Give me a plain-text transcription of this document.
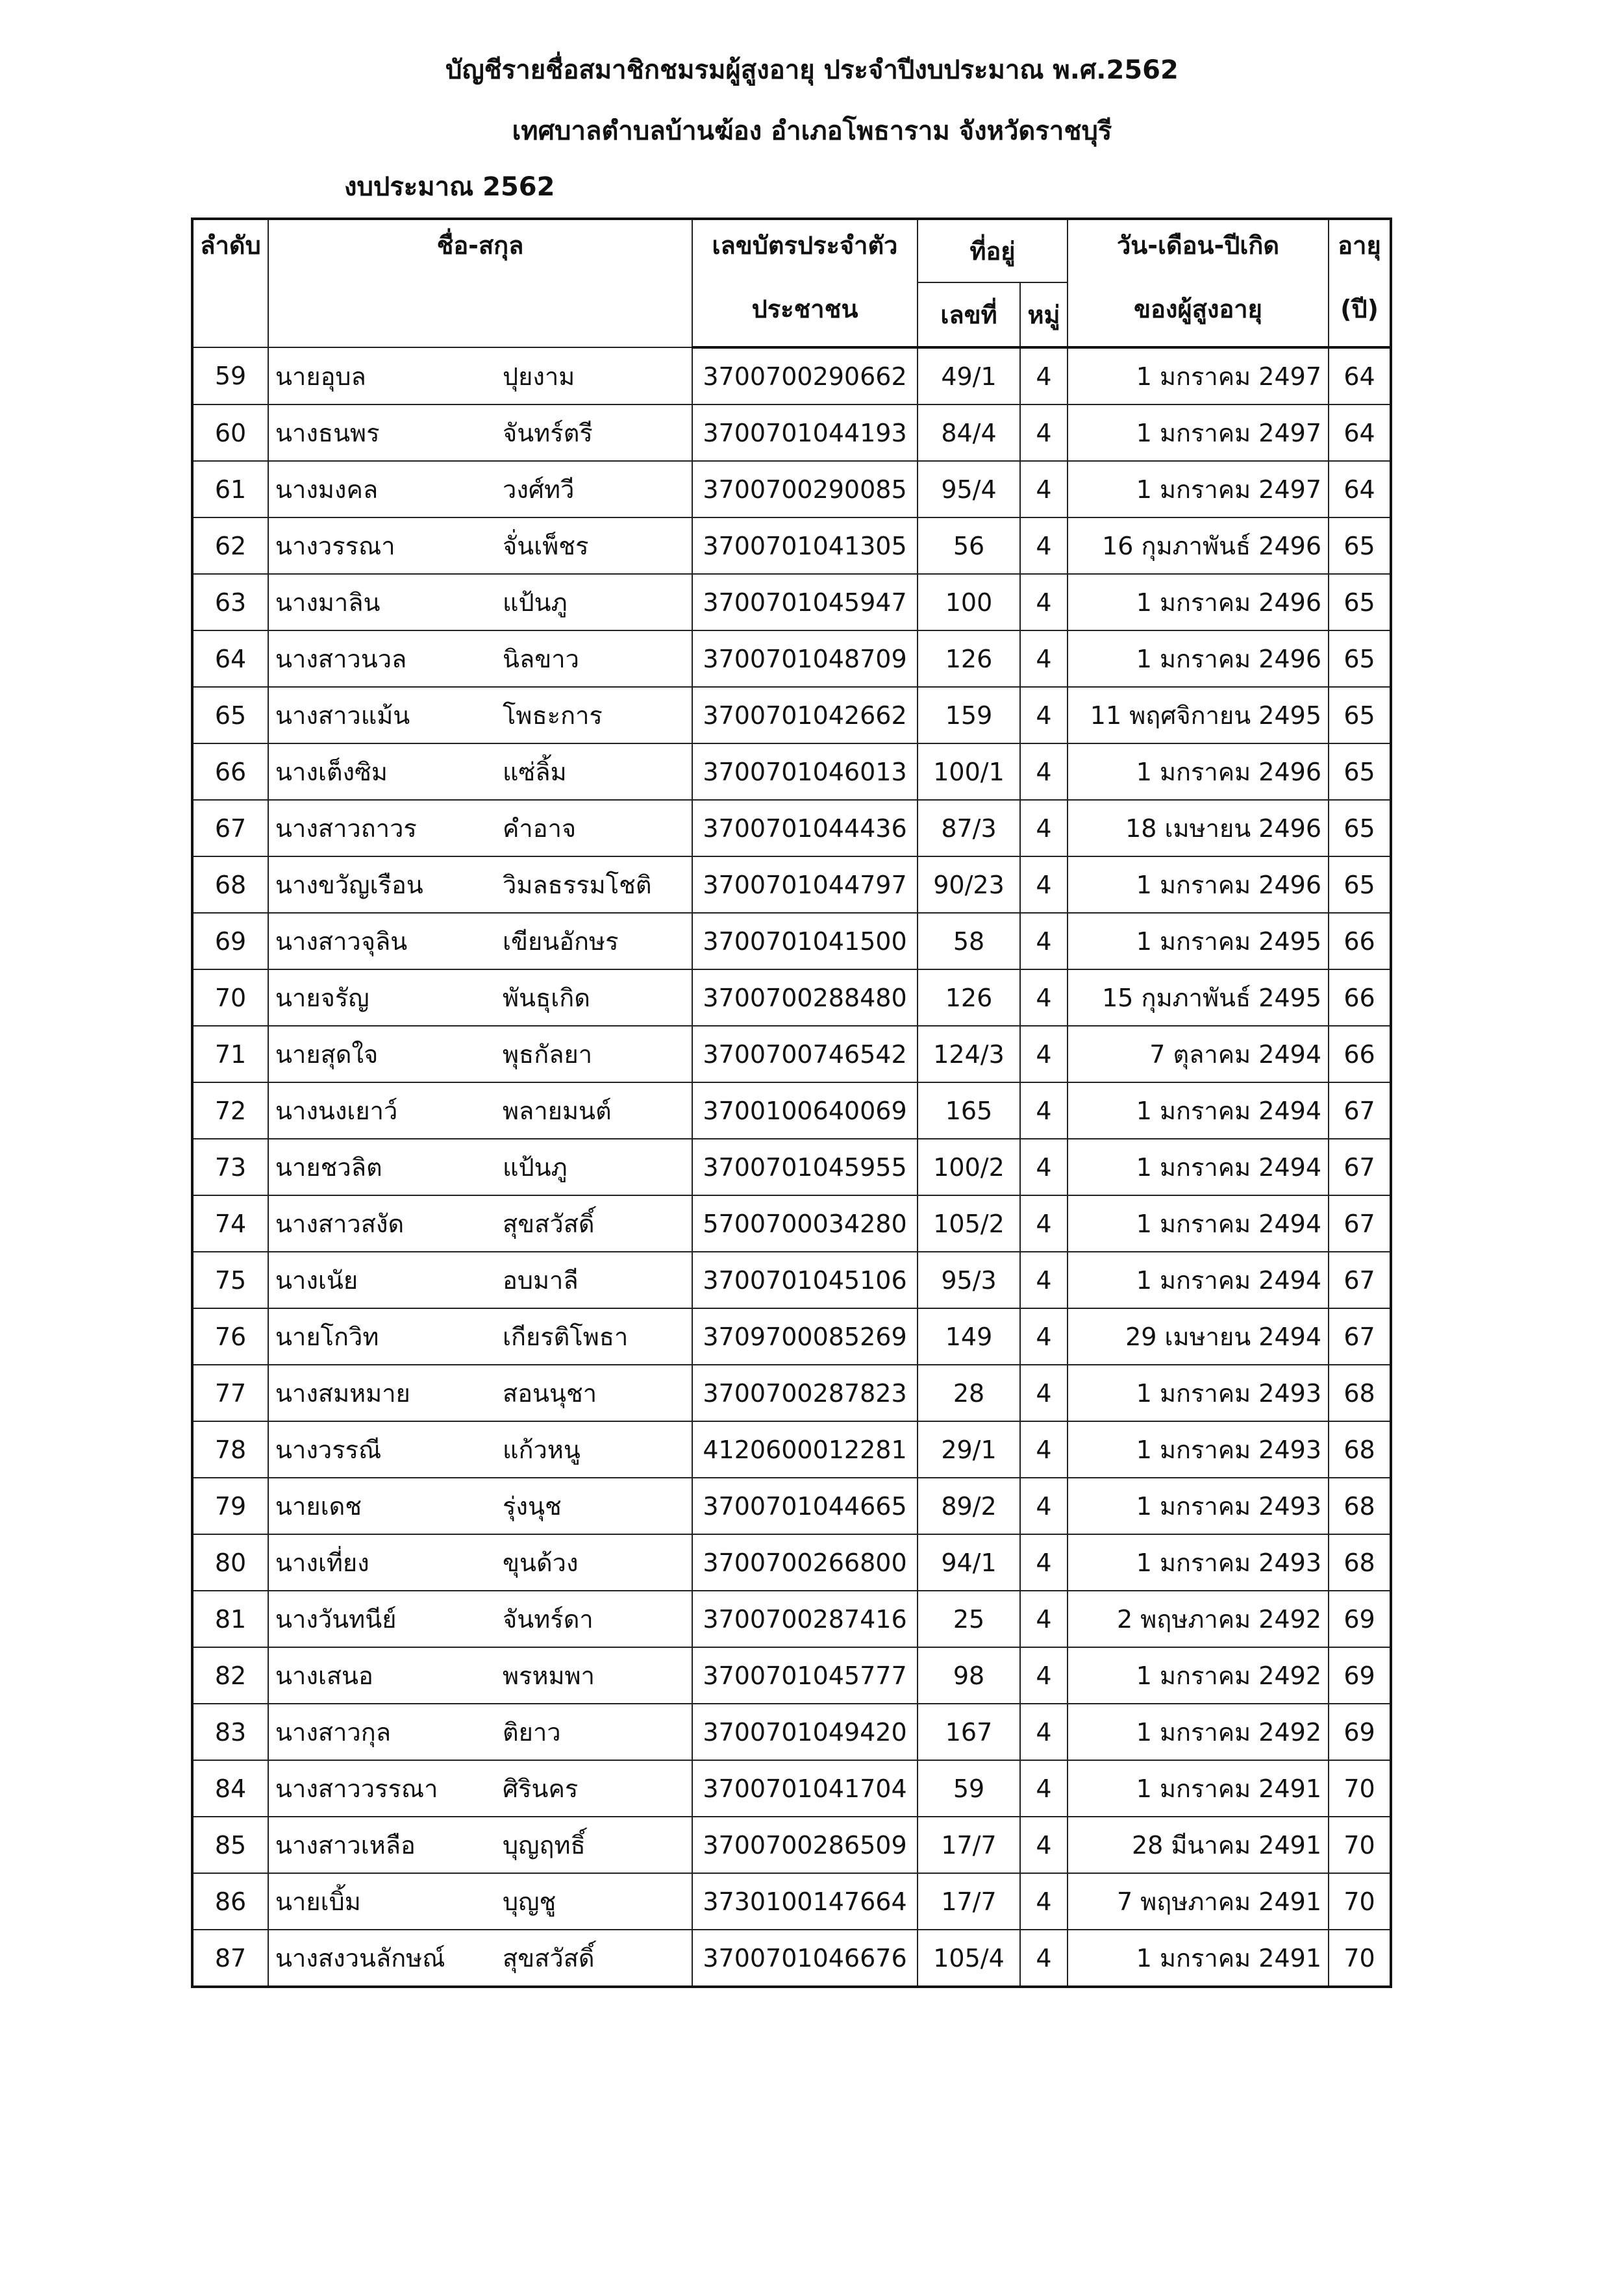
บัญชีรายชื่อสมาชิกชมรมผู้สูงอายุ ประจำปีงบประมาณ พ.ศ.2562
เทศบาลตำบลบ้านฆ้อง อำเภอโพธาราม จังหวัดราชบุรี
งบประมาณ 2562
ลำดับ	ชื่อ-สกุล	เลขบัตรประจำตัว	ที่อยู่		วัน-เดือน-ปีเกิด	อายุ
		ประชาชน	เลขที่	หมู่	ของผู้สูงอายุ	(ปี)
59	นายอุบล ปุยงาม	3700700290662	49/1	4	1 มกราคม 2497	64
60	นางธนพร จันทร์ตรี	3700701044193	84/4	4	1 มกราคม 2497	64
61	นางมงคล วงศ์ทวี	3700700290085	95/4	4	1 มกราคม 2497	64
62	นางวรรณา จั่นเพ็ชร	3700701041305	56	4	16 กุมภาพันธ์ 2496	65
63	นางมาลิน แป้นภู	3700701045947	100	4	1 มกราคม 2496	65
64	นางสาวนวล นิลขาว	3700701048709	126	4	1 มกราคม 2496	65
65	นางสาวแม้น โพธะการ	3700701042662	159	4	11 พฤศจิกายน 2495	65
66	นางเต็งซิม แซ่ลิ้ม	3700701046013	100/1	4	1 มกราคม 2496	65
67	นางสาวถาวร คำอาจ	3700701044436	87/3	4	18 เมษายน 2496	65
68	นางขวัญเรือน วิมลธรรมโชติ	3700701044797	90/23	4	1 มกราคม 2496	65
69	นางสาวจุลิน เขียนอักษร	3700701041500	58	4	1 มกราคม 2495	66
70	นายจรัญ พันธุเกิด	3700700288480	126	4	15 กุมภาพันธ์ 2495	66
71	นายสุดใจ พุธกัลยา	3700700746542	124/3	4	7 ตุลาคม 2494	66
72	นางนงเยาว์ พลายมนต์	3700100640069	165	4	1 มกราคม 2494	67
73	นายชวลิต แป้นภู	3700701045955	100/2	4	1 มกราคม 2494	67
74	นางสาวสงัด สุขสวัสดิ์	5700700034280	105/2	4	1 มกราคม 2494	67
75	นางเนัย อบมาลี	3700701045106	95/3	4	1 มกราคม 2494	67
76	นายโกวิท เกียรติโพธา	3709700085269	149	4	29 เมษายน 2494	67
77	นางสมหมาย สอนนุชา	3700700287823	28	4	1 มกราคม 2493	68
78	นางวรรณี แก้วหนู	4120600012281	29/1	4	1 มกราคม 2493	68
79	นายเดช รุ่งนุช	3700701044665	89/2	4	1 มกราคม 2493	68
80	นางเที่ยง ขุนด้วง	3700700266800	94/1	4	1 มกราคม 2493	68
81	นางวันทนีย์ จันทร์ดา	3700700287416	25	4	2 พฤษภาคม 2492	69
82	นางเสนอ พรหมพา	3700701045777	98	4	1 มกราคม 2492	69
83	นางสาวกุล ติยาว	3700701049420	167	4	1 มกราคม 2492	69
84	นางสาววรรณา ศิรินคร	3700701041704	59	4	1 มกราคม 2491	70
85	นางสาวเหลือ บุญฤทธิ์	3700700286509	17/7	4	28 มีนาคม 2491	70
86	นายเบิ้ม บุญชู	3730100147664	17/7	4	7 พฤษภาคม 2491	70
87	นางสงวนลักษณ์ สุขสวัสดิ์	3700701046676	105/4	4	1 มกราคม 2491	70
